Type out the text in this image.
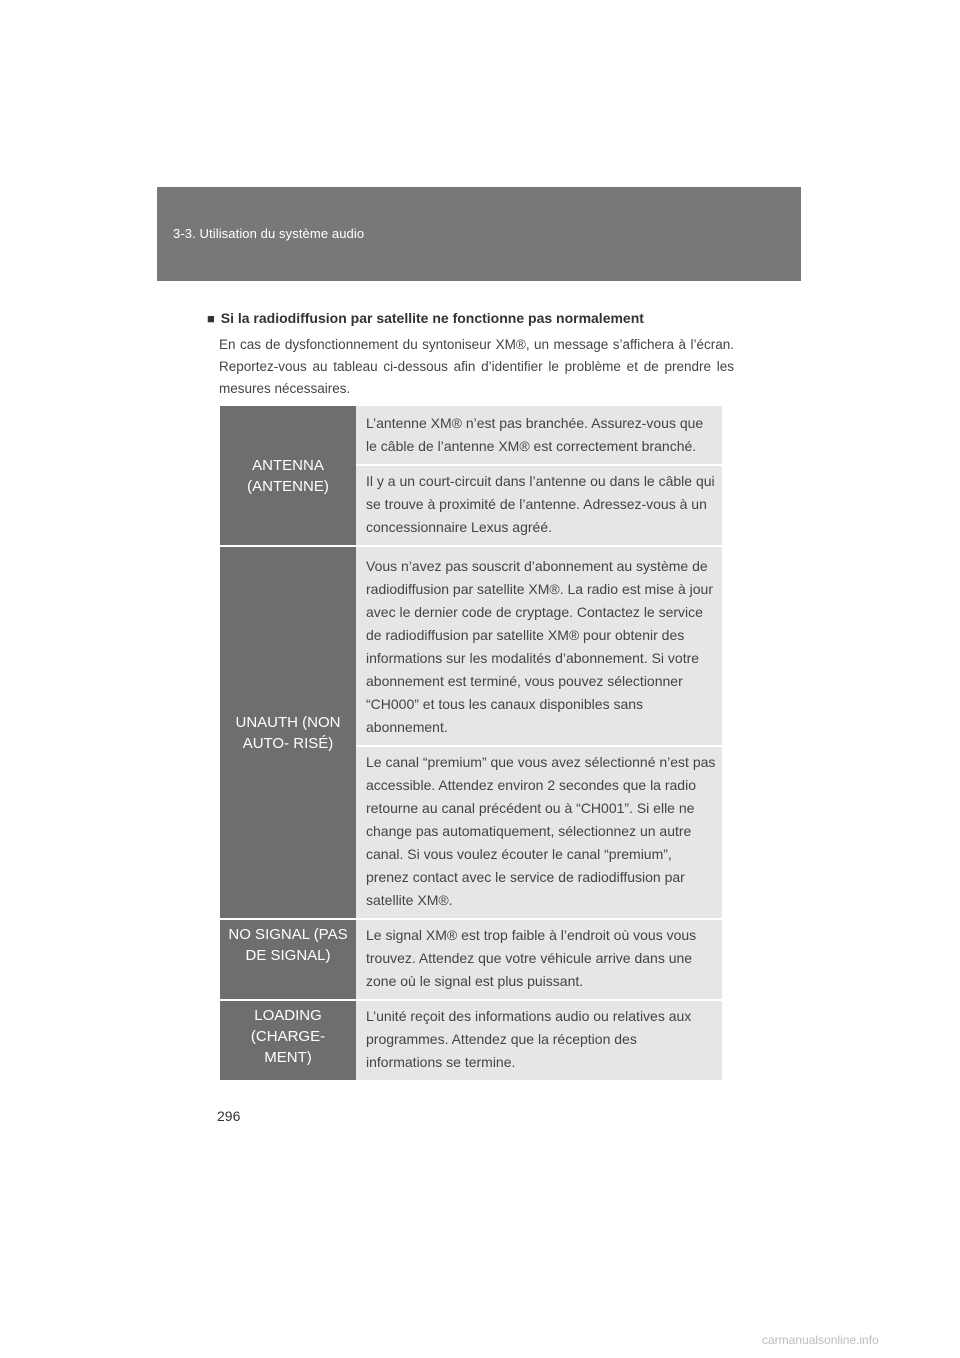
3-3. Utilisation du système audio
■ Si la radiodiffusion par satellite ne fonctionne pas normalement

En cas de dysfonctionnement du syntoniseur XM®, un message s’affichera à l’écran. Reportez-vous au tableau ci-dessous afin d’identifier le problème et de prendre les mesures nécessaires.

ANTENNA (ANTENNE)	L’antenne XM® n’est pas branchée. Assurez-vous que le câble de l’antenne XM® est correctement branché.
	Il y a un court-circuit dans l’antenne ou dans le câble qui se trouve à proximité de l’antenne. Adressez-vous à un concessionnaire Lexus agréé.

UNAUTH (NON AUTO- RISÉ)	Vous n’avez pas souscrit d’abonnement au système de radiodiffusion par satellite XM®. La radio est mise à jour avec le dernier code de cryptage. Contactez le service de radiodiffusion par satellite XM® pour obtenir des informations sur les modalités d’abonnement. Si votre abonnement est terminé, vous pouvez sélectionner “CH000” et tous les canaux disponibles sans abonnement.
	Le canal “premium” que vous avez sélectionné n’est pas accessible. Attendez environ 2 secondes que la radio retourne au canal précédent ou à “CH001”. Si elle ne change pas automatiquement, sélectionnez un autre canal. Si vous voulez écouter le canal “premium”, prenez contact avec le service de radiodiffusion par satellite XM®.

NO SIGNAL (PAS DE SIGNAL)	Le signal XM® est trop faible à l’endroit où vous vous trouvez. Attendez que votre véhicule arrive dans une zone où le signal est plus puissant.

LOADING (CHARGE- MENT)	L’unité reçoit des informations audio ou relatives aux programmes. Attendez que la réception des informations se termine.
296
carmanualsonline.info
